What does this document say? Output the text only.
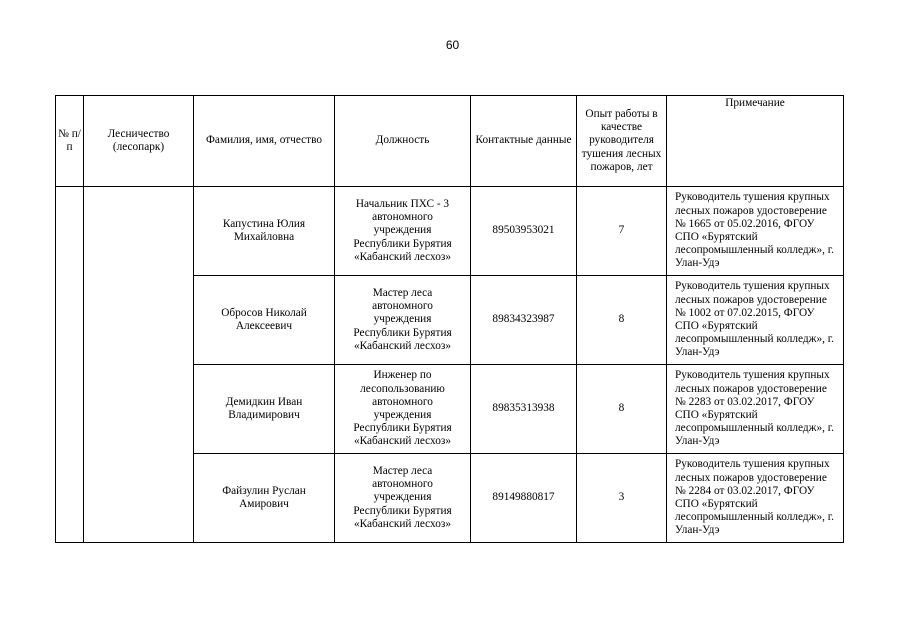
60
№ п/п	Лесничество (лесопарк)	Фамилия, имя, отчество	Должность	Контактные данные	Опыт работы в качестве руководителя тушения лесных пожаров, лет	Примечание
		Капустина Юлия Михайловна	Начальник ПХС - 3 автономного учреждения Республики Бурятия «Кабанский лесхоз»	89503953021	7	Руководитель тушения крупных лесных пожаров удостоверение № 1665 от 05.02.2016, ФГОУ СПО «Бурятский лесопромышленный колледж», г. Улан-Удэ
		Обросов Николай Алексеевич	Мастер леса автономного учреждения Республики Бурятия «Кабанский лесхоз»	89834323987	8	Руководитель тушения крупных лесных пожаров удостоверение № 1002 от 07.02.2015, ФГОУ СПО «Бурятский лесопромышленный колледж», г. Улан-Удэ
		Демидкин Иван Владимирович	Инженер по лесопользованию автономного учреждения Республики Бурятия «Кабанский лесхоз»	89835313938	8	Руководитель тушения крупных лесных пожаров удостоверение № 2283 от 03.02.2017, ФГОУ СПО «Бурятский лесопромышленный колледж», г. Улан-Удэ
		Файзулин Руслан Амирович	Мастер леса автономного учреждения Республики Бурятия «Кабанский лесхоз»	89149880817	3	Руководитель тушения крупных лесных пожаров удостоверение № 2284 от 03.02.2017, ФГОУ СПО «Бурятский лесопромышленный колледж», г. Улан-Удэ
